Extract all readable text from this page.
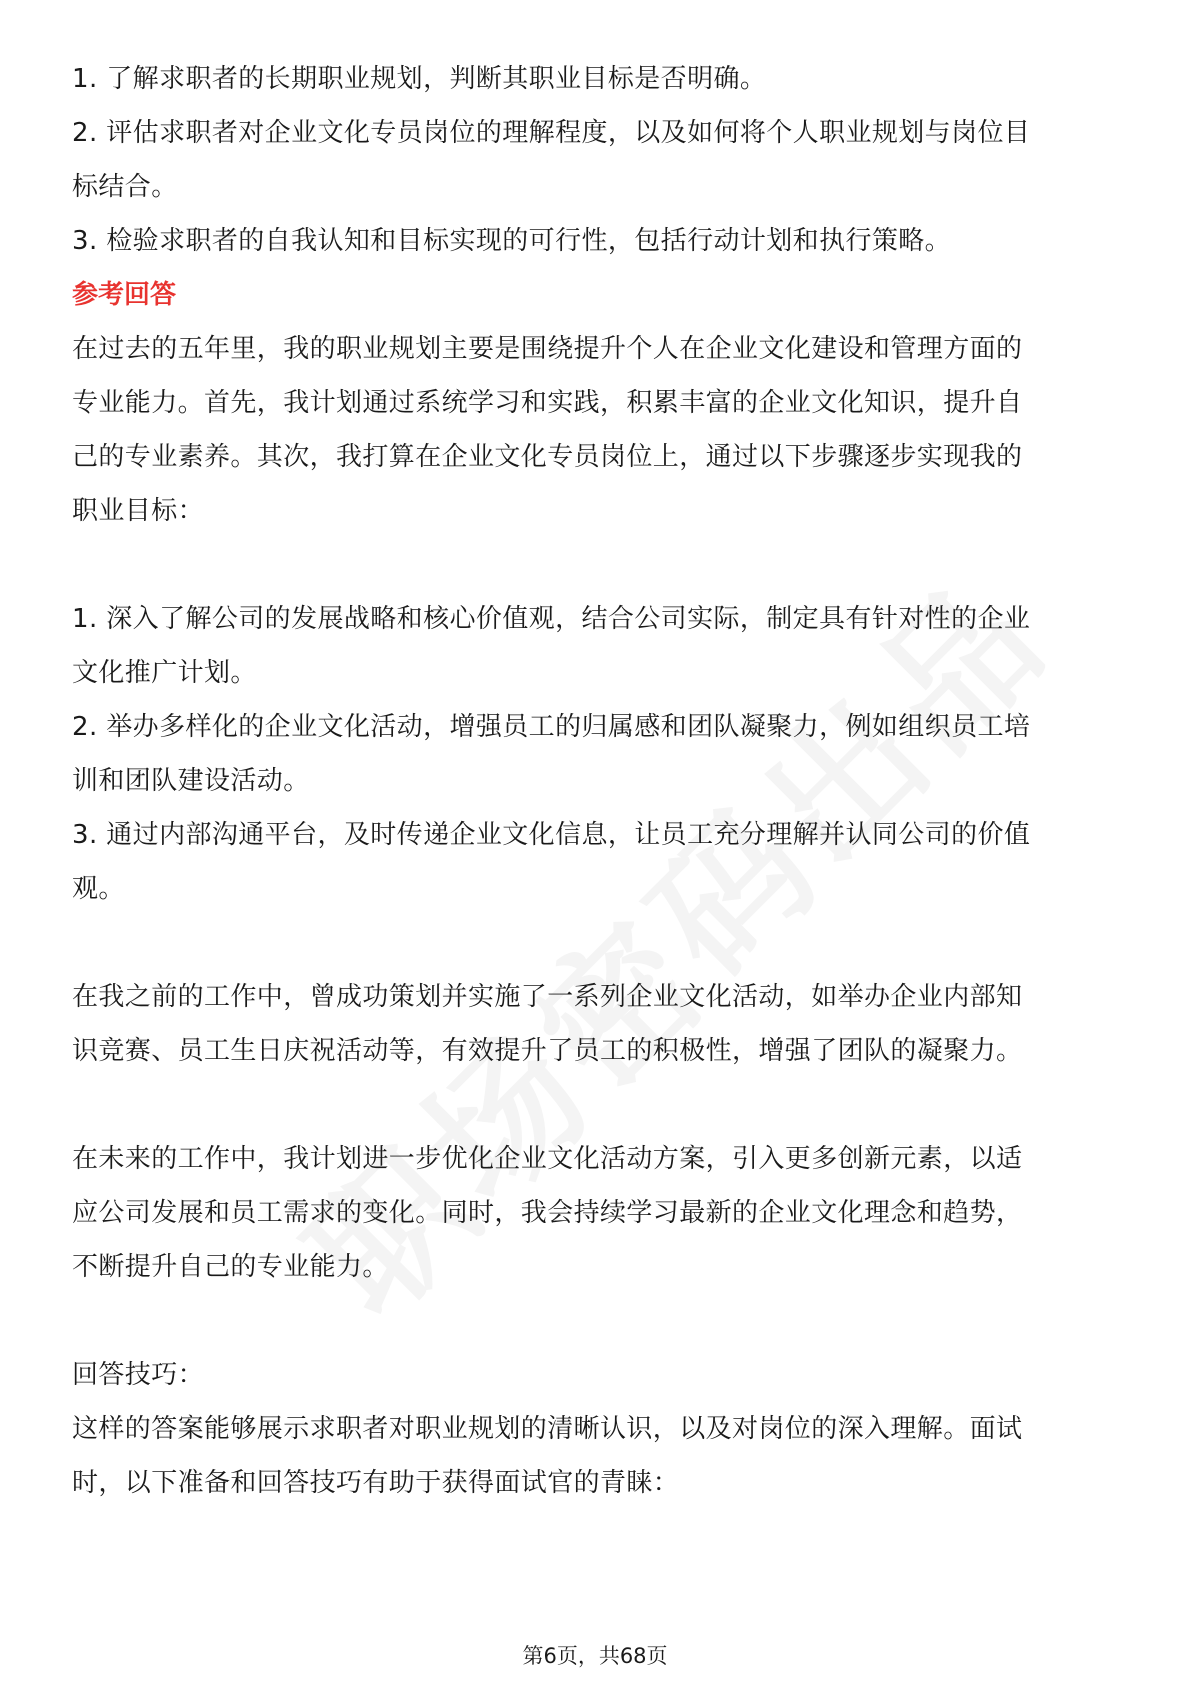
1. 了解求职者的长期职业规划，判断其职业目标是否明确。

2. 评估求职者对企业文化专员岗位的理解程度，以及如何将个人职业规划与岗位目

标结合。

3. 检验求职者的自我认知和目标实现的可行性，包括行动计划和执行策略。

参考回答

在过去的五年里，我的职业规划主要是围绕提升个人在企业文化建设和管理方面的

专业能力。首先，我计划通过系统学习和实践，积累丰富的企业文化知识，提升自

己的专业素养。其次，我打算在企业文化专员岗位上，通过以下步骤逐步实现我的

职业目标：

1. 深入了解公司的发展战略和核心价值观，结合公司实际，制定具有针对性的企业

文化推广计划。

2. 举办多样化的企业文化活动，增强员工的归属感和团队凝聚力，例如组织员工培

训和团队建设活动。

3. 通过内部沟通平台，及时传递企业文化信息，让员工充分理解并认同公司的价值

观。

在我之前的工作中，曾成功策划并实施了一系列企业文化活动，如举办企业内部知

识竞赛、员工生日庆祝活动等，有效提升了员工的积极性，增强了团队的凝聚力。

在未来的工作中，我计划进一步优化企业文化活动方案，引入更多创新元素，以适

应公司发展和员工需求的变化。同时，我会持续学习最新的企业文化理念和趋势，

不断提升自己的专业能力。

回答技巧：

这样的答案能够展示求职者对职业规划的清晰认识，以及对岗位的深入理解。面试

时，以下准备和回答技巧有助于获得面试官的青睐：

第6页，共68页
